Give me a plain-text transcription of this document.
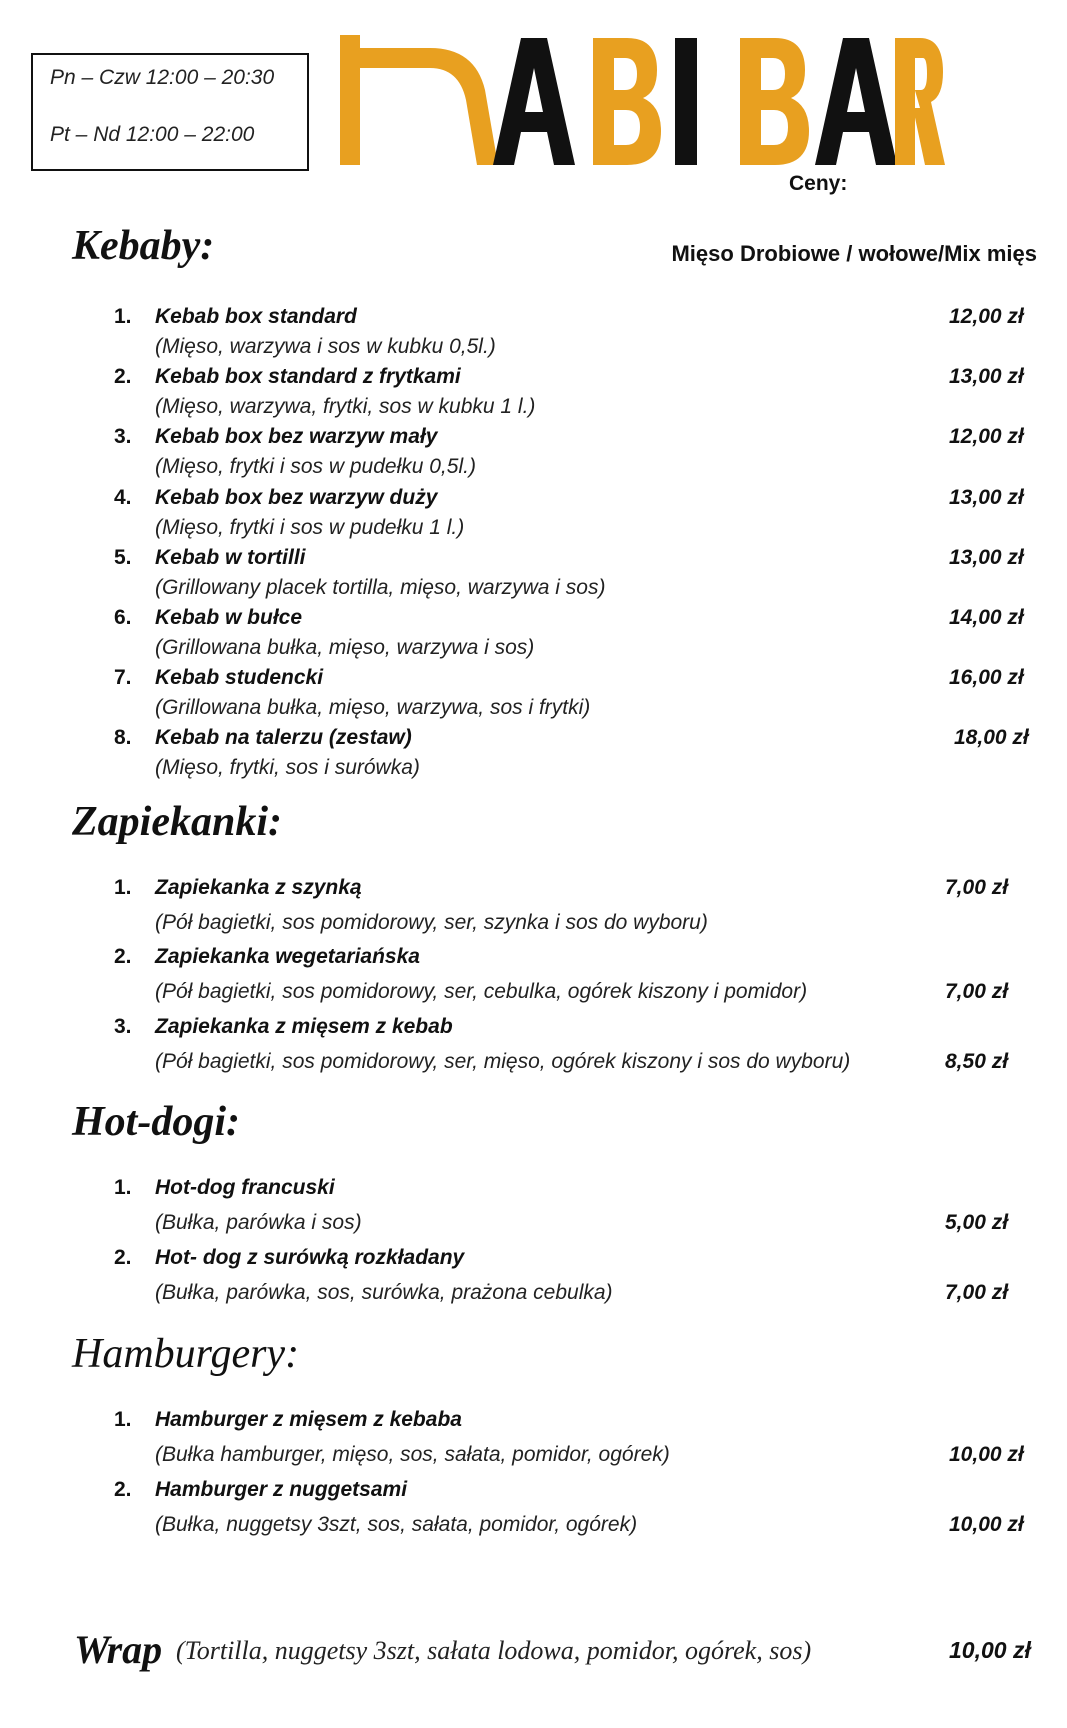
Pn – Czw 12:00 – 20:30
Pt – Nd 12:00 – 22:00
Ceny:
Kebaby:	Mięso Drobiowe / wołowe/Mix mięs
1.	Kebab box standard
(Mięso, warzywa i sos w kubku 0,5l.)
12,00 zł
2.	Kebab box standard z frytkami
(Mięso, warzywa, frytki, sos w kubku 1 l.)
13,00 zł
3.	Kebab box bez warzyw mały
(Mięso, frytki i sos w pudełku 0,5l.)
12,00 zł
4.	Kebab box bez warzyw duży
(Mięso, frytki i sos w pudełku 1 l.)
13,00 zł
5.	Kebab w tortilli
(Grillowany placek tortilla, mięso, warzywa i sos)
13,00 zł
6.	Kebab w bułce
(Grillowana bułka, mięso, warzywa i sos)
14,00 zł
7.	Kebab studencki
(Grillowana bułka, mięso, warzywa, sos i frytki)
16,00 zł
8.	Kebab na talerzu (zestaw)
(Mięso, frytki, sos i surówka)
18,00 zł
Zapiekanki:
1.	Zapiekanka z szynką
(Pół bagietki, sos pomidorowy, ser, szynka i sos do wyboru)
7,00 zł
2.	Zapiekanka wegetariańska
(Pół bagietki, sos pomidorowy, ser, cebulka, ogórek kiszony i pomidor)	7,00 zł
3.	Zapiekanka z mięsem z kebab
(Pół bagietki, sos pomidorowy, ser, mięso, ogórek kiszony i sos do wyboru)	8,50 zł
Hot-dogi:
1.	Hot-dog francuski
(Bułka, parówka i sos)	5,00 zł
2.	Hot- dog z surówką rozkładany
(Bułka, parówka, sos, surówka, prażona cebulka)	7,00 zł
Hamburgery:
1.	Hamburger z mięsem z kebaba
(Bułka hamburger, mięso, sos, sałata, pomidor, ogórek)	10,00 zł
2.	Hamburger z nuggetsami
(Bułka, nuggetsy 3szt, sos, sałata, pomidor, ogórek)	10,00 zł
Wrap (Tortilla, nuggetsy 3szt, sałata lodowa, pomidor, ogórek, sos)	10,00 zł
